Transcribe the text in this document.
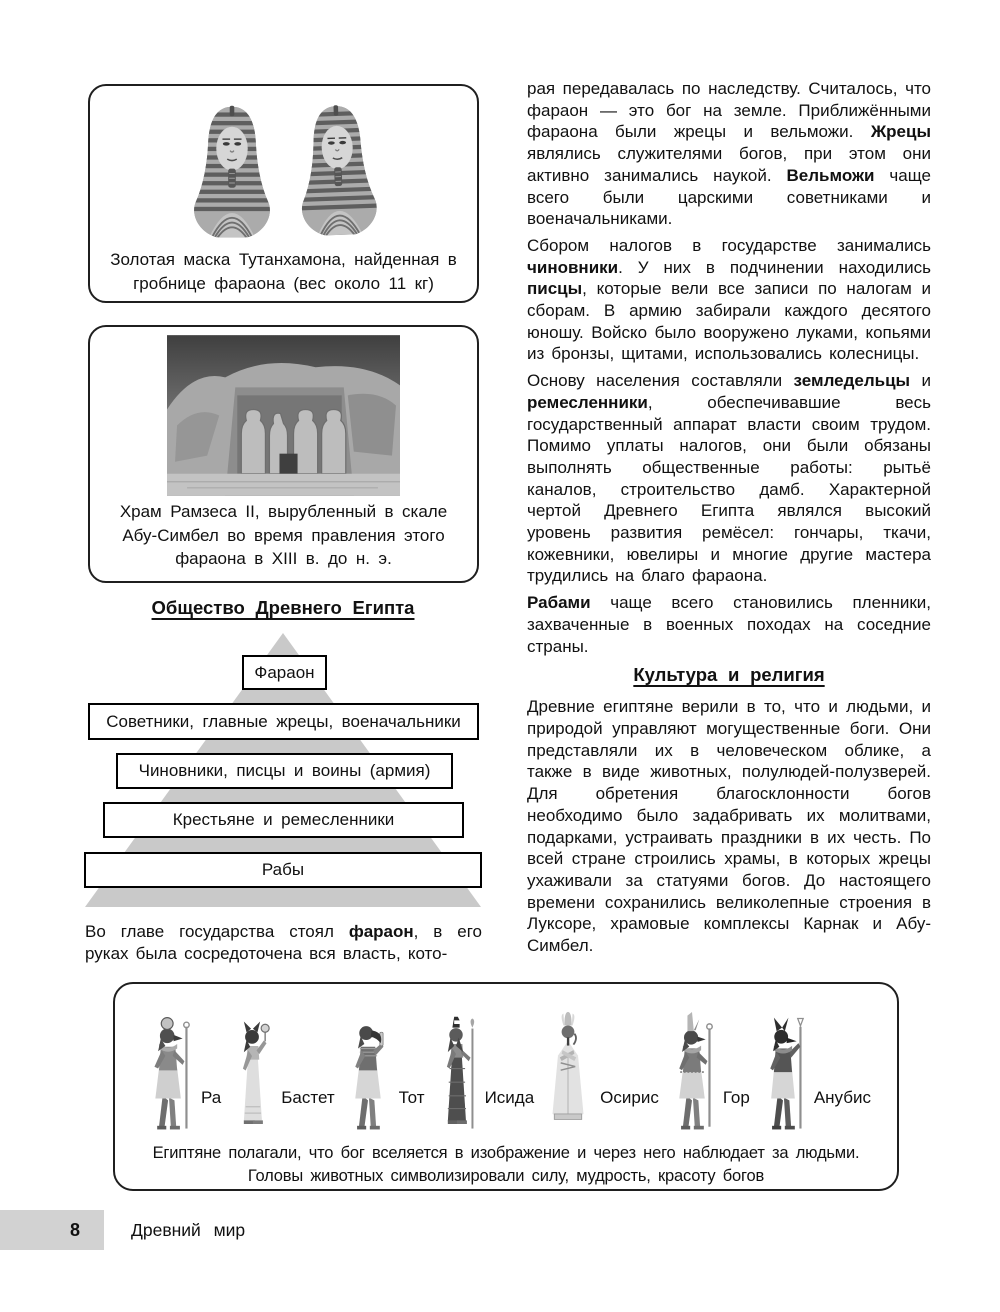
Золотая маска Тутанхамона, найденная в гробнице фараона (вес около 11 кг)
Храм Рамзеса II, вырубленный в скале Абу-Симбел во время правления этого фараона в XIII в. до н. э.
Общество Древнего Египта
Фараон
Советники, главные жрецы, военачальники
Чиновники, писцы и воины (армия)
Крестьяне и ремесленники
Рабы

Во главе государства стоял фараон, в его руках была сосредоточена вся власть, кото-

рая передавалась по наследству. Считалось, что фараон — это бог на земле. Приближёнными фараона были жрецы и вельможи. Жрецы являлись служителями богов, при этом они активно занимались наукой. Вельможи чаще всего были царскими советниками и военачальниками.

Сбором налогов в государстве занимались чиновники. У них в подчинении находились писцы, которые вели все записи по налогам и сборам. В армию забирали каждого десятого юношу. Войско было вооружено луками, копьями из бронзы, щитами, использовались колесницы.

Основу населения составляли земледельцы и ремесленники, обеспечивавшие весь государственный аппарат власти своим трудом. Помимо уплаты налогов, они были обязаны выполнять общественные работы: рытьё каналов, строительство дамб. Характерной чертой Древнего Египта являлся высокий уровень развития ремёсел: гончары, ткачи, кожевники, ювелиры и многие другие мастера трудились на благо фараона.

Рабами чаще всего становились пленники, захваченные в военных походах на соседние страны.

Культура и религия

Древние египтяне верили в то, что и людьми, и природой управляют могущественные боги. Они представляли их в человеческом облике, а также в виде животных, полулюдей-полузверей. Для обретения благосклонности богов необходимо было задабривать их молитвами, подарками, устраивать праздники в их честь. По всей стране строились храмы, в которых жрецы ухаживали за статуями богов. До настоящего времени сохранились великолепные строения в Луксоре, храмовые комплексы Карнак и Абу-Симбел.

Ра	Бастет	Тот	Исида	Осирис	Гор	Анубис
Египтяне полагали, что бог вселяется в изображение и через него наблюдает за людьми. Головы животных символизировали силу, мудрость, красоту богов
8	Древний мир
